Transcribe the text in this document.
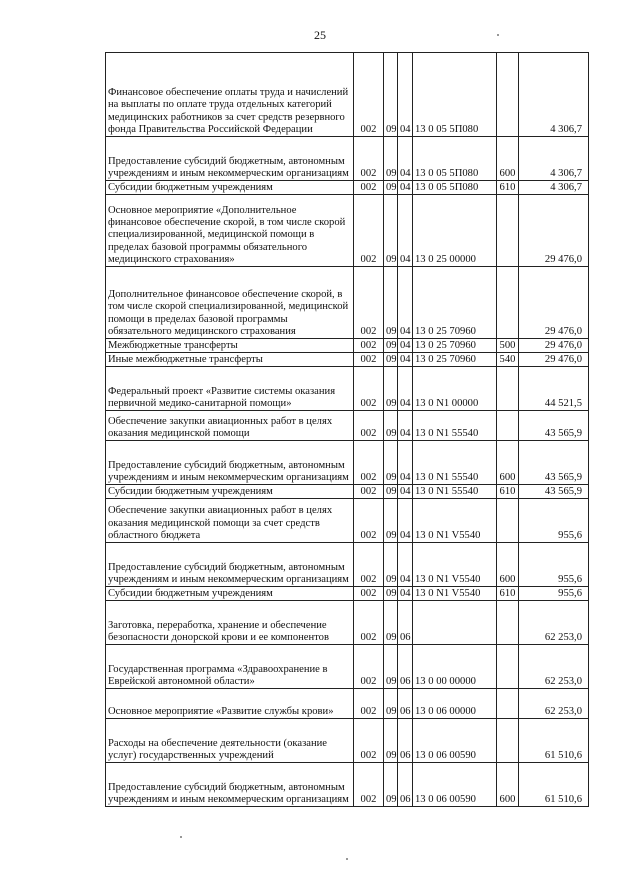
25
Финансовое обеспечение оплаты труда и начислений на выплаты по оплате труда отдельных категорий медицинских работников за счет средств резервного фонда Правительства Российской Федерации	002	09	04	13 0 05 5П080		4 306,7
Предоставление субсидий бюджетным, автономным учреждениям и иным некоммерческим организациям	002	09	04	13 0 05 5П080	600	4 306,7
Субсидии бюджетным учреждениям	002	09	04	13 0 05 5П080	610	4 306,7
Основное мероприятие «Дополнительное финансовое обеспечение скорой, в том числе скорой специализированной, медицинской помощи в пределах базовой программы обязательного медицинского страхования»	002	09	04	13 0 25 00000		29 476,0
Дополнительное финансовое обеспечение скорой, в том числе скорой специализированной, медицинской помощи в пределах базовой программы обязательного медицинского страхования	002	09	04	13 0 25 70960		29 476,0
Межбюджетные трансферты	002	09	04	13 0 25 70960	500	29 476,0
Иные межбюджетные трансферты	002	09	04	13 0 25 70960	540	29 476,0
Федеральный проект «Развитие системы оказания первичной медико-санитарной помощи»	002	09	04	13 0 N1 00000		44 521,5
Обеспечение закупки авиационных работ в целях оказания медицинской помощи	002	09	04	13 0 N1 55540		43 565,9
Предоставление субсидий бюджетным, автономным учреждениям и иным некоммерческим организациям	002	09	04	13 0 N1 55540	600	43 565,9
Субсидии бюджетным учреждениям	002	09	04	13 0 N1 55540	610	43 565,9
Обеспечение закупки авиационных работ в целях оказания медицинской помощи за счет средств областного бюджета	002	09	04	13 0 N1 V5540		955,6
Предоставление субсидий бюджетным, автономным учреждениям и иным некоммерческим организациям	002	09	04	13 0 N1 V5540	600	955,6
Субсидии бюджетным учреждениям	002	09	04	13 0 N1 V5540	610	955,6
Заготовка, переработка, хранение и обеспечение безопасности донорской крови и ее компонентов	002	09	06			62 253,0
Государственная программа «Здравоохранение в Еврейской автономной области»	002	09	06	13 0 00 00000		62 253,0
Основное мероприятие «Развитие службы крови»	002	09	06	13 0 06 00000		62 253,0
Расходы на обеспечение деятельности (оказание услуг) государственных учреждений	002	09	06	13 0 06 00590		61 510,6
Предоставление субсидий бюджетным, автономным учреждениям и иным некоммерческим организациям	002	09	06	13 0 06 00590	600	61 510,6
